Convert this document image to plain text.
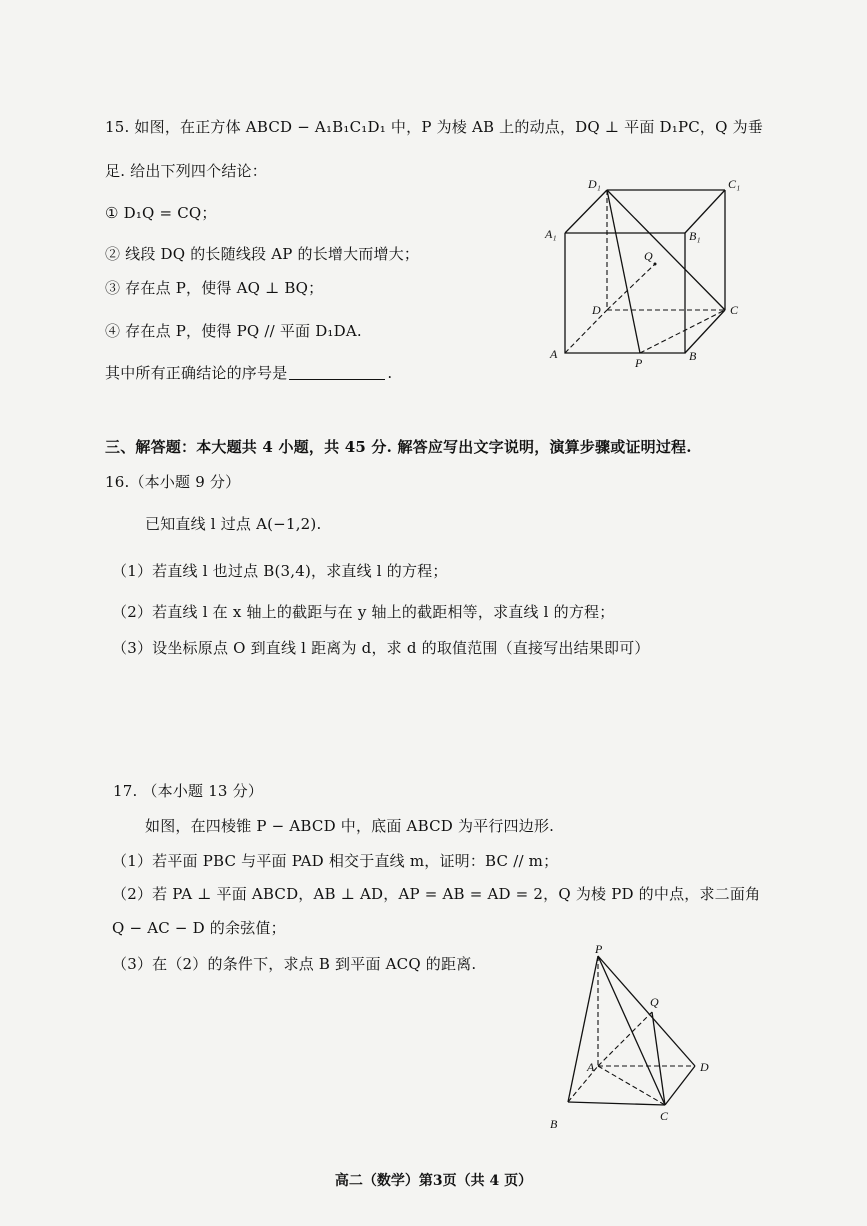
15. 如图，在正方体 ABCD − A₁B₁C₁D₁ 中，P 为棱 AB 上的动点，DQ ⊥ 平面 D₁PC，Q 为垂
足. 给出下列四个结论：
① D₁Q = CQ；
② 线段 DQ 的长随线段 AP 的长增大而增大；
③ 存在点 P，使得 AQ ⊥ BQ；
④ 存在点 P，使得 PQ // 平面 D₁DA.
其中所有正确结论的序号是	.
D₁	C₁
A₁	B₁
Q
D	C
A
P	B
三、解答题：本大题共 4 小题，共 45 分. 解答应写出文字说明，演算步骤或证明过程.
16.（本小题 9 分）
已知直线 l 过点 A(−1,2).
（1）若直线 l 也过点 B(3,4)，求直线 l 的方程；
（2）若直线 l 在 x 轴上的截距与在 y 轴上的截距相等，求直线 l 的方程；
（3）设坐标原点 O 到直线 l 距离为 d，求 d 的取值范围（直接写出结果即可）
17. （本小题 13 分）
如图，在四棱锥 P − ABCD 中，底面 ABCD 为平行四边形.
（1）若平面 PBC 与平面 PAD 相交于直线 m，证明：BC // m；
（2）若 PA ⊥ 平面 ABCD，AB ⊥ AD，AP = AB = AD = 2，Q 为棱 PD 的中点，求二面角
Q − AC − D 的余弦值；
（3）在（2）的条件下，求点 B 到平面 ACQ 的距离.
P
Q
A	D
B
C
高二（数学）第3页（共 4 页）
